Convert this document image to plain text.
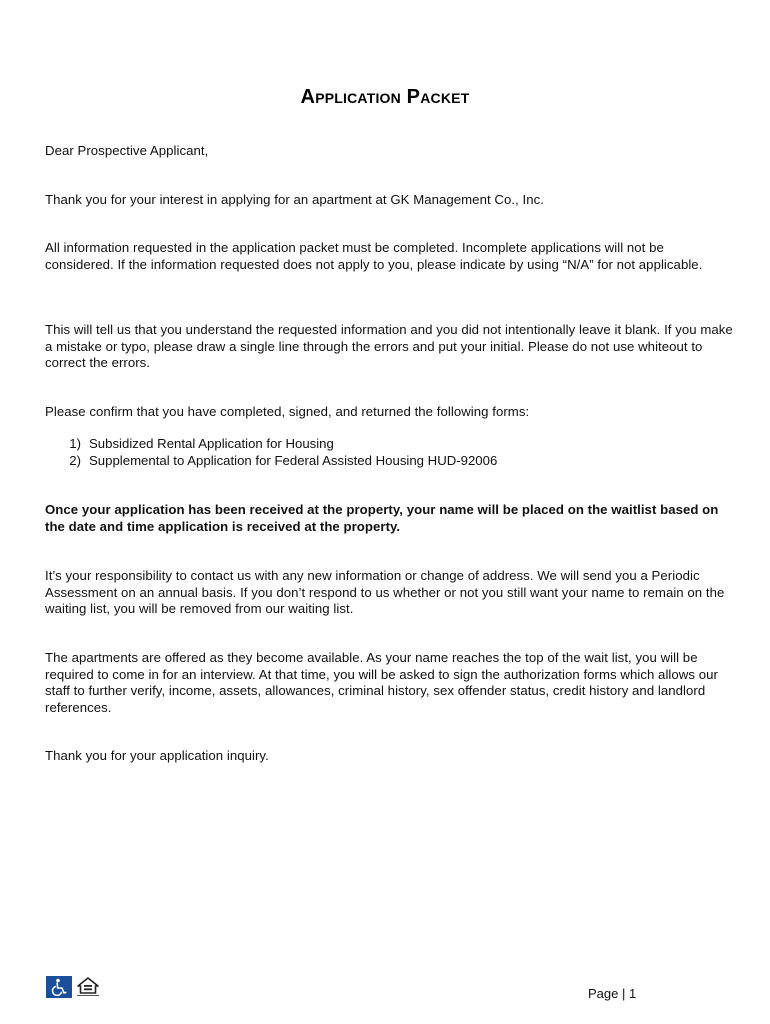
Application Packet

Dear Prospective Applicant,

Thank you for your interest in applying for an apartment at GK Management Co., Inc.

All information requested in the application packet must be completed. Incomplete applications will not be considered. If the information requested does not apply to you, please indicate by using “N/A” for not applicable.

This will tell us that you understand the requested information and you did not intentionally leave it blank. If you make a mistake or typo, please draw a single line through the errors and put your initial. Please do not use whiteout to correct the errors.

Please confirm that you have completed, signed, and returned the following forms:

1) Subsidized Rental Application for Housing
2) Supplemental to Application for Federal Assisted Housing HUD-92006

Once your application has been received at the property, your name will be placed on the waitlist based on the date and time application is received at the property.

It’s your responsibility to contact us with any new information or change of address. We will send you a Periodic Assessment on an annual basis. If you don’t respond to us whether or not you still want your name to remain on the waiting list, you will be removed from our waiting list.

The apartments are offered as they become available. As your name reaches the top of the wait list, you will be required to come in for an interview. At that time, you will be asked to sign the authorization forms which allows our staff to further verify, income, assets, allowances, criminal history, sex offender status, credit history and landlord references.

Thank you for your application inquiry.

Page | 1
